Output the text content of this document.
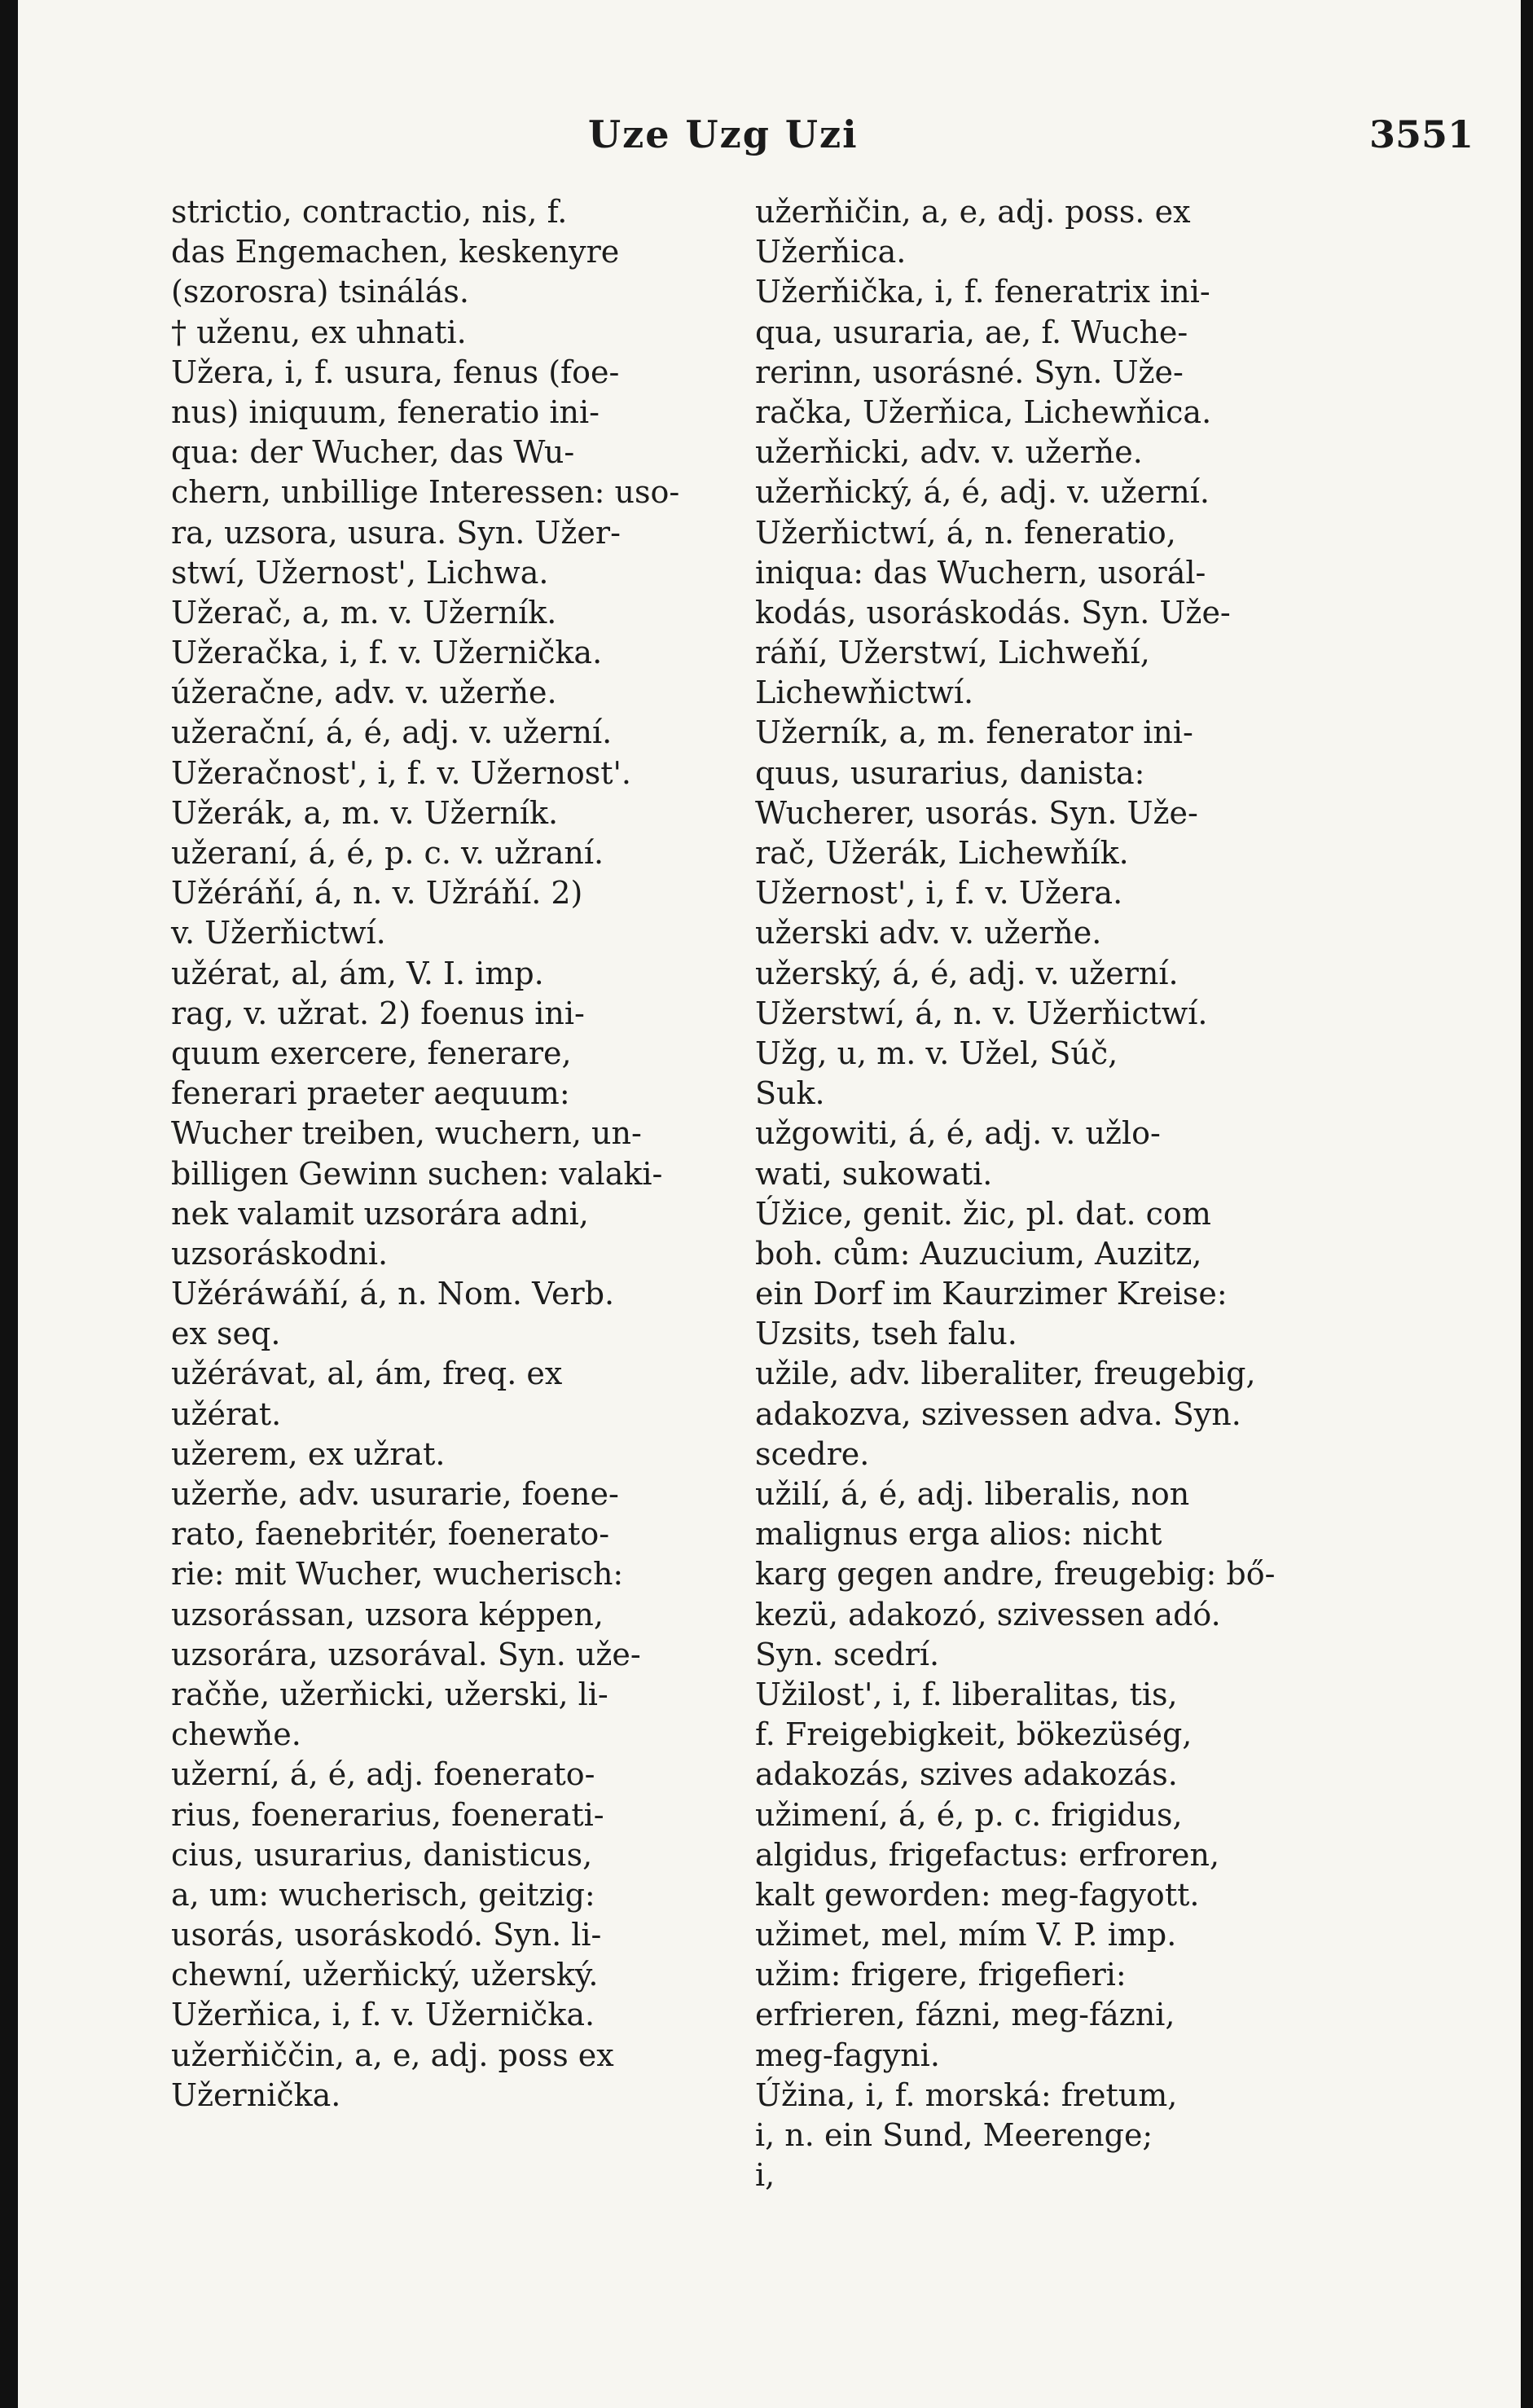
Uze Uzg Uzi	3551
strictio, contractio, nis, f.
das Engemachen, keskenyre
(szorosra) tsinálás.
† uženu, ex uhnati.
Užera, i, f. usura, fenus (foe-
nus) iniquum, feneratio ini-
qua: der Wucher, das Wu-
chern, unbillige Interessen: uso-
ra, uzsora, usura. Syn. Užer-
stwí, Užernost', Lichwa.
Užerač, a, m. v. Užerník.
Užeračka, i, f. v. Užernička.
úžeračne, adv. v. užerňe.
užerační, á, é, adj. v. užerní.
Užeračnost', i, f. v. Užernost'.
Užerák, a, m. v. Užerník.
užeraní, á, é, p. c. v. užraní.
Užéráňí, á, n. v. Užráňí. 2)
v. Užerňictwí.
užérat, al, ám, V. I. imp.
rag, v. užrat. 2) foenus ini-
quum exercere, fenerare,
fenerari praeter aequum:
Wucher treiben, wuchern, un-
billigen Gewinn suchen: valaki-
nek valamit uzsorára adni,
uzsoráskodni.
Užéráwáňí, á, n. Nom. Verb.
ex seq.
užérávat, al, ám, freq. ex
užérat.
užerem, ex užrat.
užerňe, adv. usurarie, foene-
rato, faenebritér, foeneratо-
rie: mit Wucher, wucherisch:
uzsorássan, uzsora képpen,
uzsorára, uzsorával. Syn. uže-
račňe, užerňicki, užerski, li-
chewňe.
užerní, á, é, adj. foenerato-
rius, foenerarius, foenerati-
cius, usurarius, danisticus,
a, um: wucherisch, geitzig:
usorás, usoráskodó. Syn. li-
chewní, užerňický, užerský.
Užerňica, i, f. v. Užernička.
užerňiččin, a, e, adj. poss ex
Užernička.
užerňičin, a, e, adj. poss. ex
Užerňica.
Užerňička, i, f. feneratrix ini-
qua, usuraria, ae, f. Wuche-
rerinn, usorásné. Syn. Uže-
račka, Užerňica, Lichewňica.
užerňicki, adv. v. užerňe.
užerňický, á, é, adj. v. užerní.
Užerňictwí, á, n. feneratio,
iniqua: das Wuchern, usorál-
kodás, usoráskodás. Syn. Uže-
ráňí, Užerstwí, Lichweňí,
Lichewňictwí.
Užerník, a, m. fenerator ini-
quus, usurarius, danista:
Wucherer, usorás. Syn. Uže-
rač, Užerák, Lichewňík.
Užernost', i, f. v. Užera.
užerski adv. v. užerňe.
užerský, á, é, adj. v. užerní.
Užerstwí, á, n. v. Užerňictwí.
Užg, u, m. v. Užel, Súč,
Suk.
užgowiti, á, é, adj. v. užlo-
wati, sukowati.
Úžice, genit. žic, pl. dat. com
boh. cům: Auzucium, Auzitz,
ein Dorf im Kaurzimer Kreise:
Uzsits, tseh falu.
užile, adv. liberaliter, freugebig,
adakozva, szivessen adva. Syn.
scedre.
užilí, á, é, adj. liberalis, non
malignus erga alios: nicht
karg gegen andre, freugebig: bő-
kezü, adakozó, szivessen adó.
Syn. scedrí.
Užilost', i, f. liberalitas, tis,
f. Freigebigkeit, bökezüség,
adakozás, szives adakozás.
užimení, á, é, p. c. frigidus,
algidus, frigefactus: erfroren,
kalt geworden: meg-fagyott.
užimet, mel, mím V. P. imp.
užim: frigere, frigefieri:
erfrieren, fázni, meg-fázni,
meg-fagyni.
Úžina, i, f. morská: fretum,
i, n. ein Sund, Meerenge;
i,
